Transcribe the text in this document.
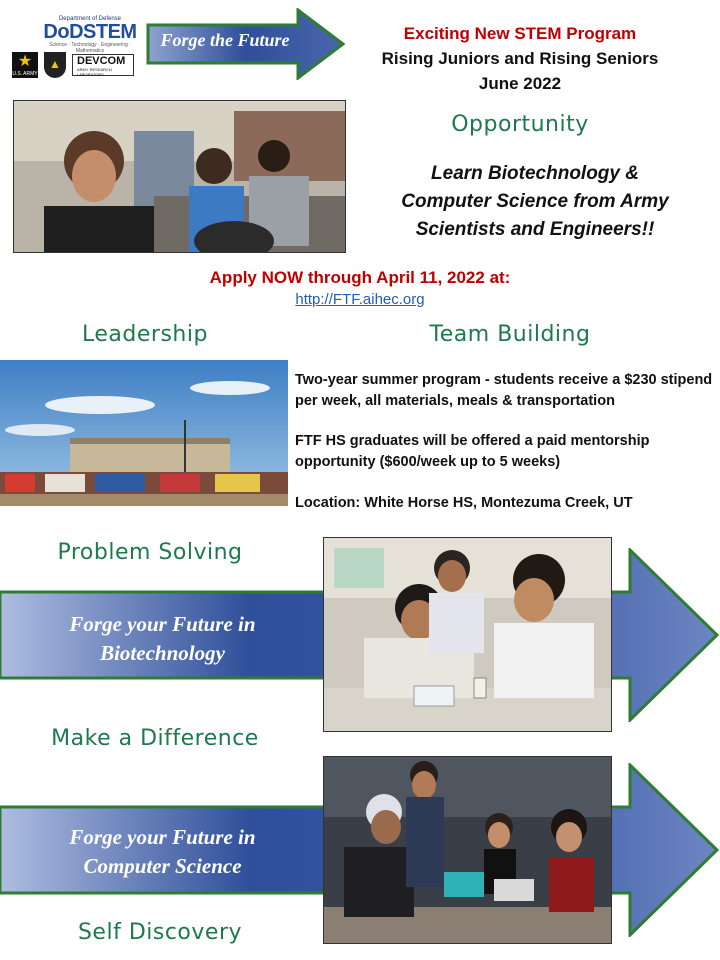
Department of Defense
DoDSTEM
Science · Technology · Engineering · Mathematics
★
U.S. ARMY
▲	DEVCOM
ARMY RESEARCH LABORATORY
Forge the Future	Exciting New STEM Program
Rising Juniors and Rising Seniors
June 2022
Opportunity
Learn Biotechnology &
Computer Science from Army
Scientists and Engineers!!
Apply NOW through April 11, 2022 at:
http://FTF.aihec.org
Leadership	Team Building
Two-year summer program - students receive a $230 stipend per week, all materials, meals & transportation
FTF HS graduates will be offered a paid mentorship opportunity ($600/week up to 5 weeks)
Location: White Horse HS, Montezuma Creek, UT
Problem Solving
Forge your Future in
Biotechnology
Make a Difference
Forge your Future in
Computer Science
Self Discovery
